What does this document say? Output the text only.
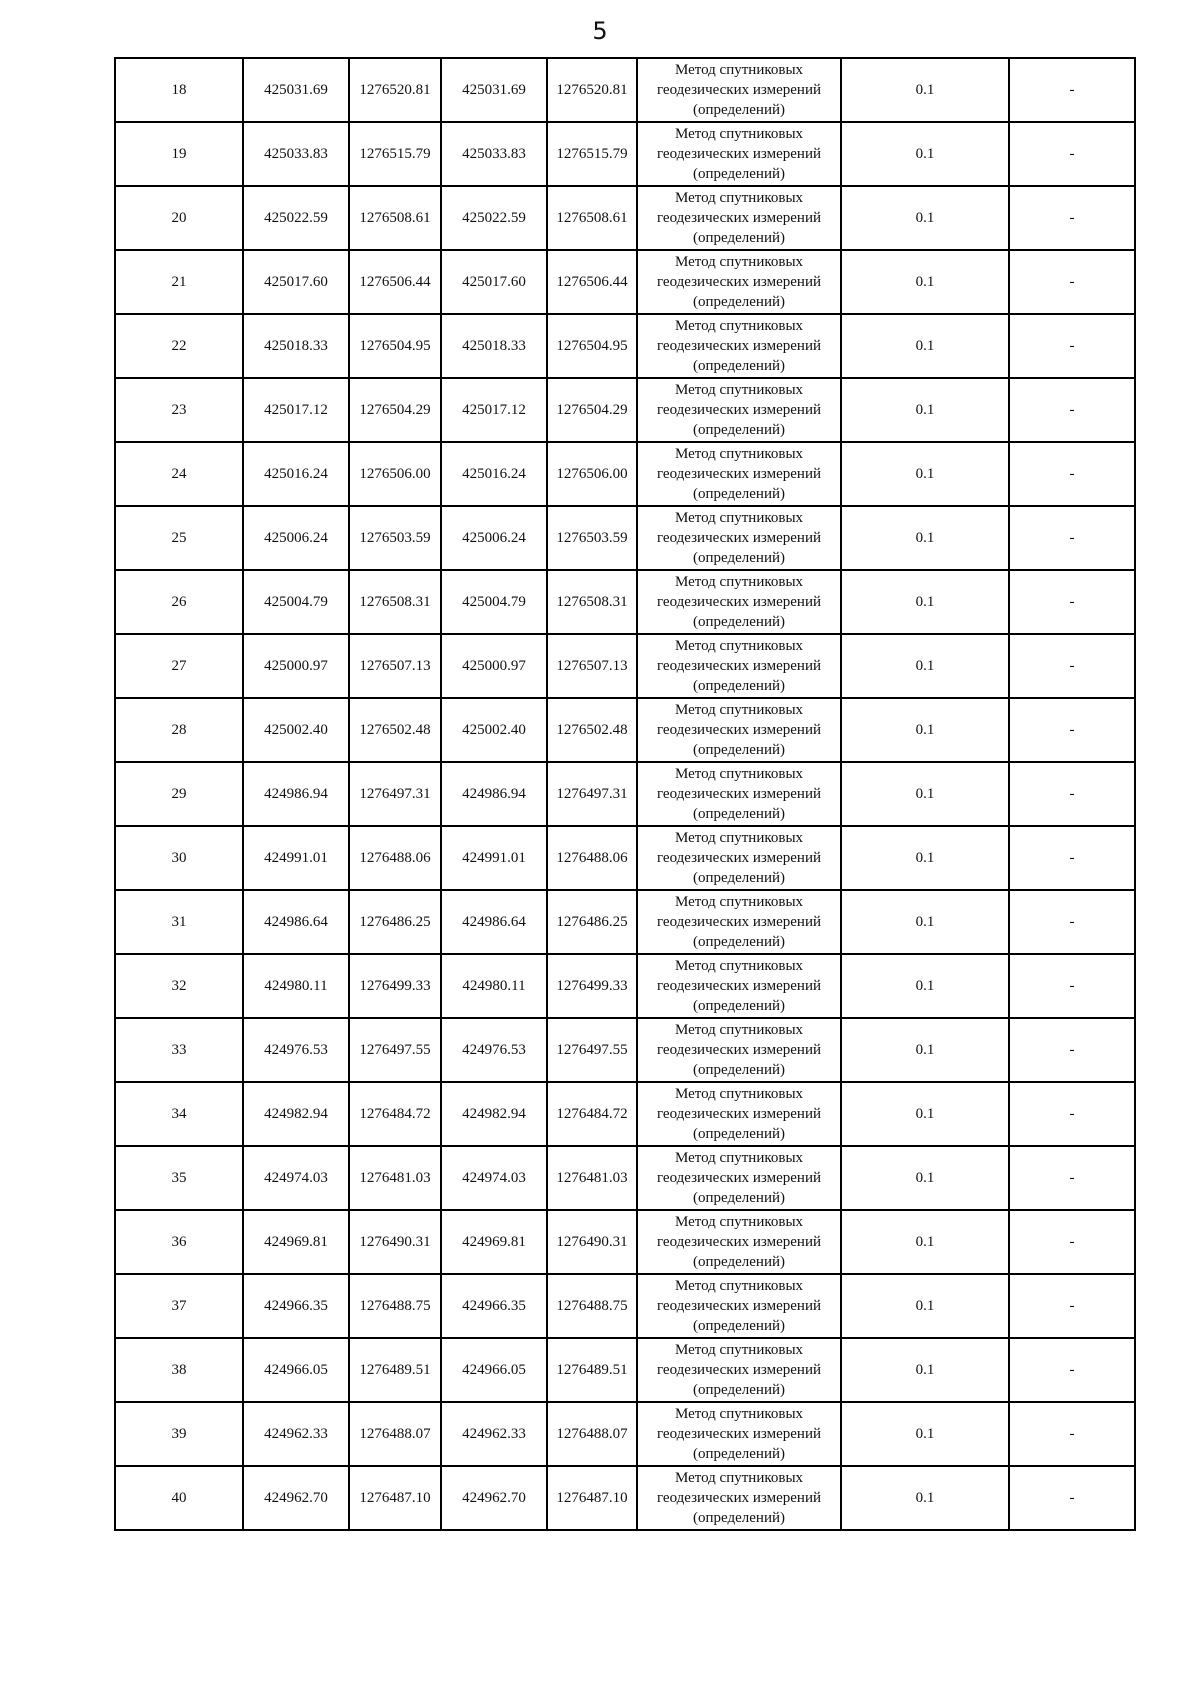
5
18	425031.69	1276520.81	425031.69	1276520.81	Метод спутниковых геодезических измерений (определений)	0.1	-
19	425033.83	1276515.79	425033.83	1276515.79	Метод спутниковых геодезических измерений (определений)	0.1	-
20	425022.59	1276508.61	425022.59	1276508.61	Метод спутниковых геодезических измерений (определений)	0.1	-
21	425017.60	1276506.44	425017.60	1276506.44	Метод спутниковых геодезических измерений (определений)	0.1	-
22	425018.33	1276504.95	425018.33	1276504.95	Метод спутниковых геодезических измерений (определений)	0.1	-
23	425017.12	1276504.29	425017.12	1276504.29	Метод спутниковых геодезических измерений (определений)	0.1	-
24	425016.24	1276506.00	425016.24	1276506.00	Метод спутниковых геодезических измерений (определений)	0.1	-
25	425006.24	1276503.59	425006.24	1276503.59	Метод спутниковых геодезических измерений (определений)	0.1	-
26	425004.79	1276508.31	425004.79	1276508.31	Метод спутниковых геодезических измерений (определений)	0.1	-
27	425000.97	1276507.13	425000.97	1276507.13	Метод спутниковых геодезических измерений (определений)	0.1	-
28	425002.40	1276502.48	425002.40	1276502.48	Метод спутниковых геодезических измерений (определений)	0.1	-
29	424986.94	1276497.31	424986.94	1276497.31	Метод спутниковых геодезических измерений (определений)	0.1	-
30	424991.01	1276488.06	424991.01	1276488.06	Метод спутниковых геодезических измерений (определений)	0.1	-
31	424986.64	1276486.25	424986.64	1276486.25	Метод спутниковых геодезических измерений (определений)	0.1	-
32	424980.11	1276499.33	424980.11	1276499.33	Метод спутниковых геодезических измерений (определений)	0.1	-
33	424976.53	1276497.55	424976.53	1276497.55	Метод спутниковых геодезических измерений (определений)	0.1	-
34	424982.94	1276484.72	424982.94	1276484.72	Метод спутниковых геодезических измерений (определений)	0.1	-
35	424974.03	1276481.03	424974.03	1276481.03	Метод спутниковых геодезических измерений (определений)	0.1	-
36	424969.81	1276490.31	424969.81	1276490.31	Метод спутниковых геодезических измерений (определений)	0.1	-
37	424966.35	1276488.75	424966.35	1276488.75	Метод спутниковых геодезических измерений (определений)	0.1	-
38	424966.05	1276489.51	424966.05	1276489.51	Метод спутниковых геодезических измерений (определений)	0.1	-
39	424962.33	1276488.07	424962.33	1276488.07	Метод спутниковых геодезических измерений (определений)	0.1	-
40	424962.70	1276487.10	424962.70	1276487.10	Метод спутниковых геодезических измерений (определений)	0.1	-
